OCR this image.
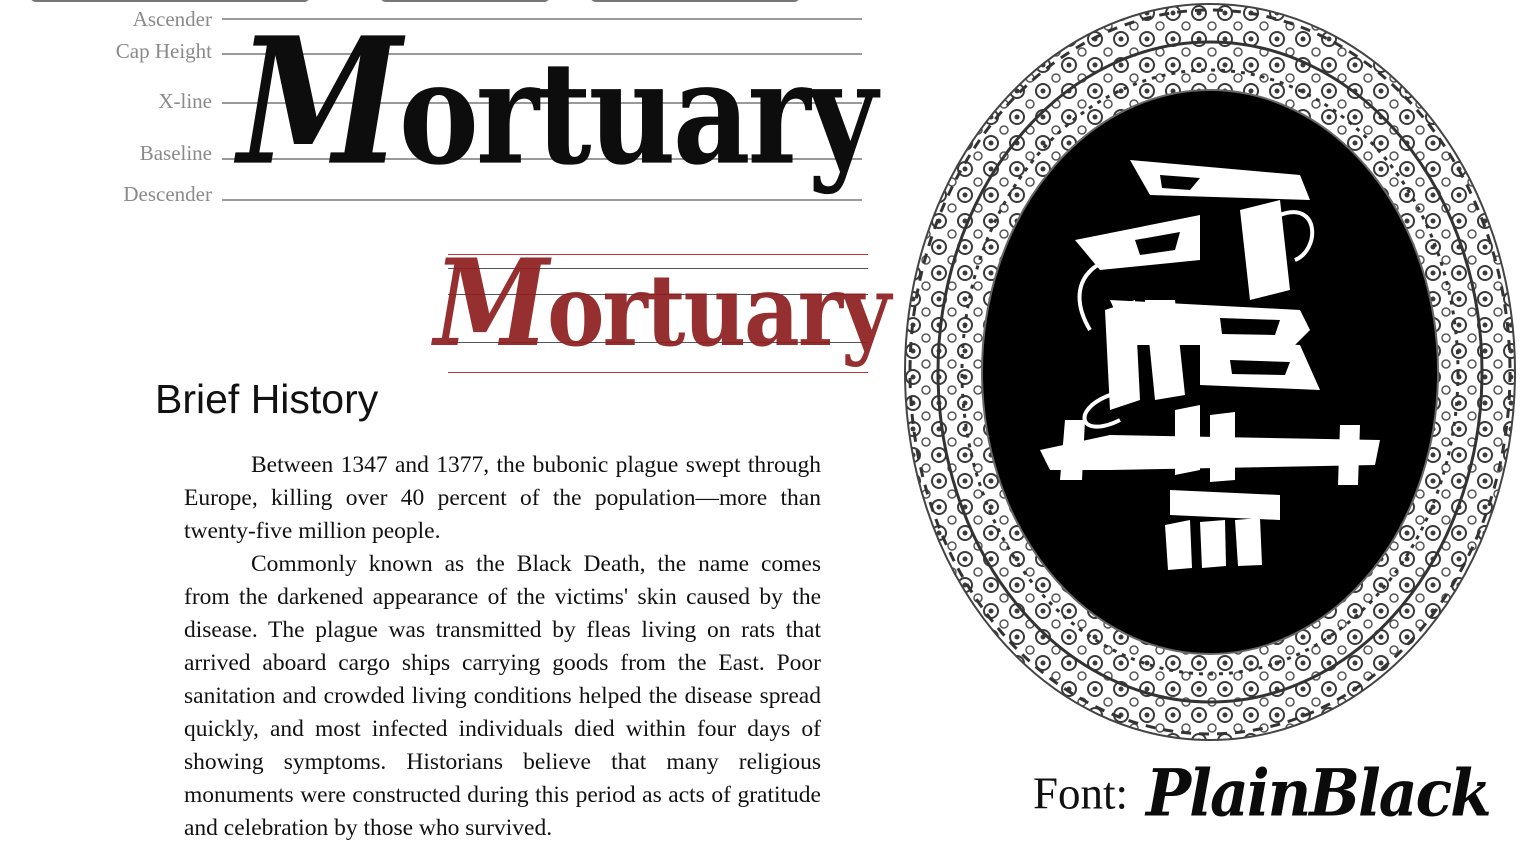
Ascender
Cap Height
X-line
Baseline
Descender Mortuary
Mortuary
Brief History

Between 1347 and 1377, the bubonic plague swept through Europe, killing over 40 percent of the population—more than twenty-five million people.

Commonly known as the Black Death, the name comes from the darkened appearance of the victims' skin caused by the disease. The plague was transmitted by fleas living on rats that arrived aboard cargo ships carrying goods from the East. Poor sanitation and crowded living conditions helped the disease spread quickly, and most infected individuals died within four days of showing symptoms. Historians believe that many religious monuments were constructed during this period as acts of gratitude and celebration by those who survived.

Font: PlainBlack
